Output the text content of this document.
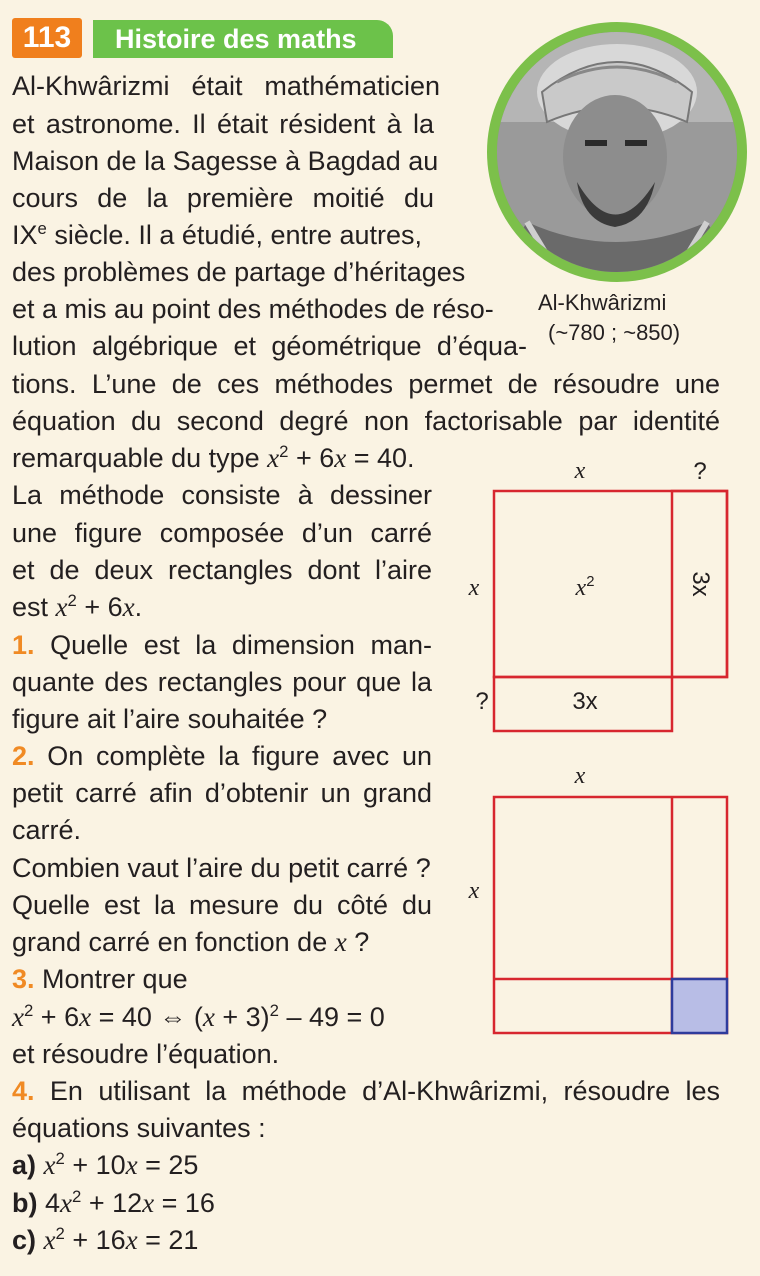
113	Histoire des maths
Al-Khwârizmi
(~780 ; ~850)
Al-Khwârizmi était mathématicien
et astronome. Il était résident à la
Maison de la Sagesse à Bagdad au
cours de la première moitié du
IXe siècle. Il a étudié, entre autres,
des problèmes de partage d’héritages
et a mis au point des méthodes de réso-
lution algébrique et géométrique d’équa-
tions. L’une de ces méthodes permet de résoudre une
équation du second degré non factorisable par identité
remarquable du type $x^2 + 6x = 40$.
La méthode consiste à dessiner
une figure composée d’un carré
et de deux rectangles dont l’aire
est $x^2 + 6x$.
1. Quelle est la dimension man-
quante des rectangles pour que la
figure ait l’aire souhaitée ?
2. On complète la figure avec un
petit carré afin d’obtenir un grand
carré.
Combien vaut l’aire du petit carré ?
Quelle est la mesure du côté du
grand carré en fonction de x ?
3. Montrer que
$x^2 + 6x = 40$ ⇔ $(x + 3)^2 - 49 = 0$
et résoudre l’équation.
4. En utilisant la méthode d’Al-Khwârizmi, résoudre les
équations suivantes :
a) $x^2 + 10x = 25$
b) $4x^2 + 12x = 16$
c) $x^2 + 16x = 21$
x	?
x
?
$x^2$
3x
3x
x
x
